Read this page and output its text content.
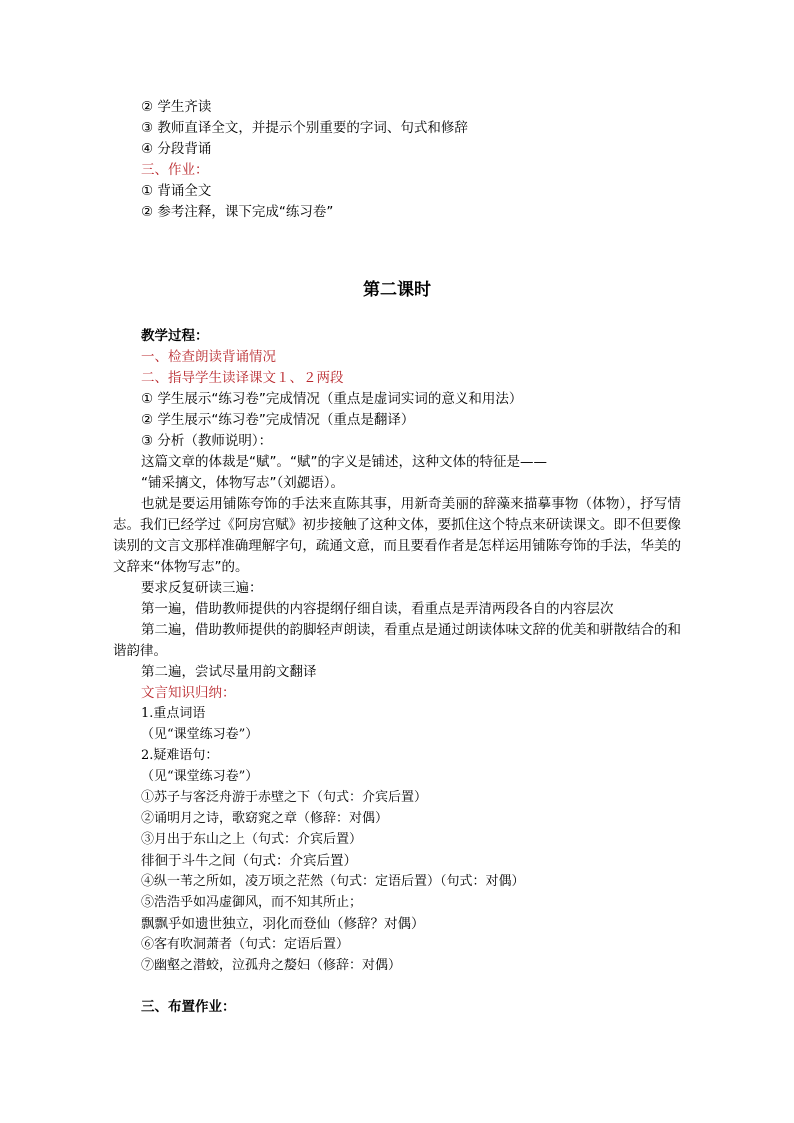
② 学生齐读

③ 教师直译全文，并提示个别重要的字词、句式和修辞

④ 分段背诵

三、作业：

① 背诵全文

② 参考注释，课下完成“练习卷”

第二课时

教学过程：

一、检查朗读背诵情况

二、指导学生读译课文１、２两段

① 学生展示“练习卷”完成情况（重点是虚词实词的意义和用法）

② 学生展示“练习卷”完成情况（重点是翻译）

③ 分析（教师说明）：

这篇文章的体裁是“赋”。“赋”的字义是铺述，这种文体的特征是——

“铺采摛文，体物写志”（刘勰语）。

也就是要运用铺陈夸饰的手法来直陈其事，用新奇美丽的辞藻来描摹事物（体物），抒写情志。我们已经学过《阿房宫赋》初步接触了这种文体，要抓住这个特点来研读课文。即不但要像读别的文言文那样准确理解字句，疏通文意，而且要看作者是怎样运用铺陈夸饰的手法，华美的文辞来“体物写志”的。

要求反复研读三遍：

第一遍，借助教师提供的内容提纲仔细自读，看重点是弄清两段各自的内容层次

第二遍，借助教师提供的韵脚轻声朗读，看重点是通过朗读体味文辞的优美和骈散结合的和谐韵律。

第二遍，尝试尽量用韵文翻译

文言知识归纳：

1.重点词语

（见“课堂练习卷”）

2.疑难语句：

（见“课堂练习卷”）

①苏子与客泛舟游于赤壁之下（句式：介宾后置）

②诵明月之诗，歌窈窕之章（修辞：对偶）

③月出于东山之上（句式：介宾后置）

徘徊于斗牛之间（句式：介宾后置）

④纵一苇之所如，凌万顷之茫然（句式：定语后置）（句式：对偶）

⑤浩浩乎如冯虚御风，而不知其所止；

飘飘乎如遗世独立，羽化而登仙（修辞？对偶）

⑥客有吹洞萧者（句式：定语后置）

⑦幽壑之潜蛟，泣孤舟之嫠妇（修辞：对偶）

三、布置作业：
